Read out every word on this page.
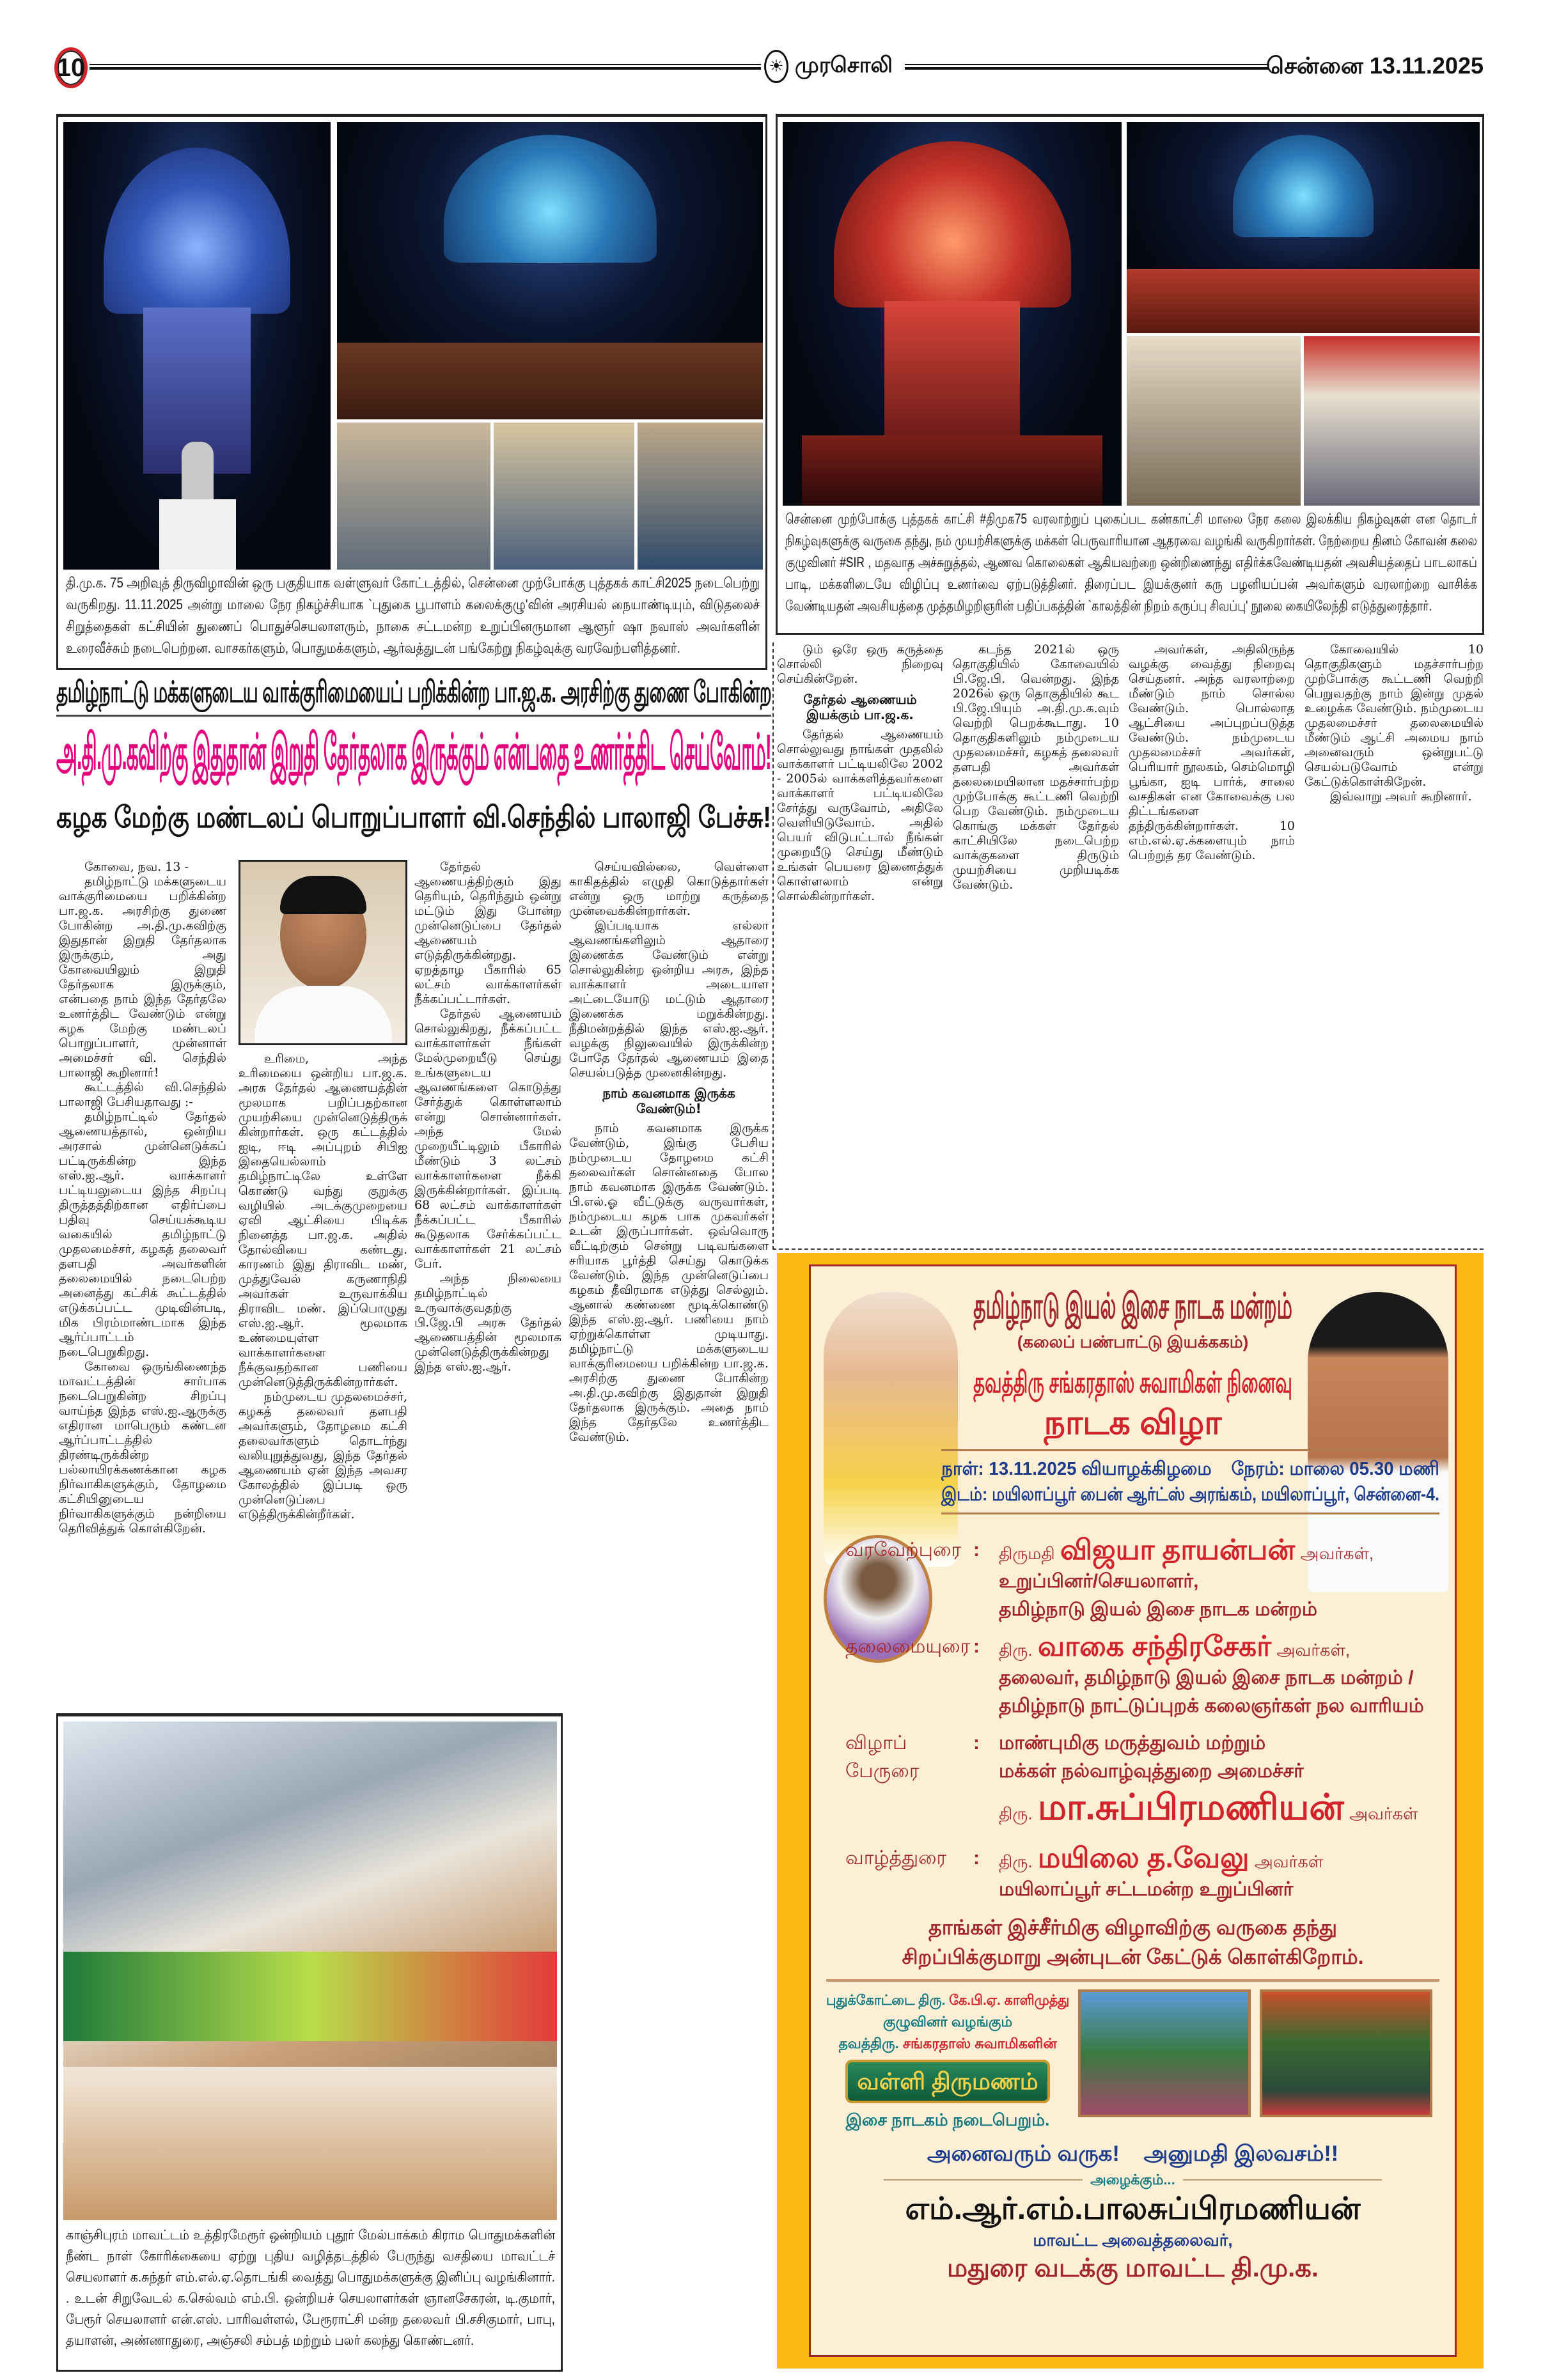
10	☀ முரசொலி	சென்னை 13.11.2025
தி.மு.க. 75 அறிவுத் திருவிழாவின் ஒரு பகுதியாக வள்ளுவர் கோட்டத்தில், சென்னை முற்போக்கு புத்தகக் காட்சி2025 நடைபெற்று வருகிறது. 11.11.2025 அன்று மாலை நேர நிகழ்ச்சியாக `புதுகை பூபாளம் கலைக்குழு'வின் அரசியல் நையாண்டியும், விடுதலைச் சிறுத்தைகள் கட்சியின் துணைப் பொதுச்செயலாளரும், நாகை சட்டமன்ற உறுப்பினருமான ஆளூர் ஷா நவாஸ் அவர்களின் உரைவீச்சும் நடைபெற்றன. வாசகர்களும், பொதுமக்களும், ஆர்வத்துடன் பங்கேற்று நிகழ்வுக்கு வரவேற்பளித்தனர்.
சென்னை முற்போக்கு புத்தகக் காட்சி #திமுக75 வரலாற்றுப் புகைப்பட கண்காட்சி மாலை நேர கலை இலக்கிய நிகழ்வுகள் என தொடர் நிகழ்வுகளுக்கு வருகை தந்து, நம் முயற்சிகளுக்கு மக்கள் பெருவாரியான ஆதரவை வழங்கி வருகிறார்கள். நேற்றைய தினம் கோவன் கலை குழுவினர் #SIR , மதவாத அச்சுறுத்தல், ஆணவ கொலைகள் ஆகியவற்றை ஒன்றிணைந்து எதிர்க்கவேண்டியதன் அவசியத்தைப் பாடலாகப் பாடி, மக்களிடையே விழிப்பு உணர்வை ஏற்படுத்தினர். திரைப்பட இயக்குனர் கரு பழனியப்பன் அவர்களும் வரலாற்றை வாசிக்க வேண்டியதன் அவசியத்தை முத்தமிழறிஞரின் பதிப்பகத்தின் `காலத்தின் நிறம் கருப்பு சிவப்பு' நூலை கையிலேந்தி எடுத்துரைத்தார்.
தமிழ்நாட்டு மக்களுடைய வாக்குரிமையைப் பறிக்கின்ற பா.ஜ.க. அரசிற்கு துணை போகின்ற
அ.தி.மு.கவிற்கு இதுதான் இறுதி தேர்தலாக இருக்கும் என்பதை உணர்த்திட செய்வோம்!
கழக மேற்கு மண்டலப் பொறுப்பாளர் வி.செந்தில் பாலாஜி பேச்சு!

கோவை, நவ. 13 -

தமிழ்நாட்டு மக்களுடைய வாக்குரிமையை பறிக்கின்ற பா.ஜ.க. அரசிற்கு துணை போகின்ற அ.தி.மு.கவிற்கு இதுதான் இறுதி தேர்தலாக இருக்கும், அது கோவையிலும் இறுதி தேர்தலாக இருக்கும், என்பதை நாம் இந்த தேர்தலே உணர்த்திட வேண்டும் என்று கழக மேற்கு மண்டலப் பொறுப்பாளர், முன்னாள் அமைச்சர் வி. செந்தில் பாலாஜி கூறினார்!

கூட்டத்தில் வி.செந்தில் பாலாஜி பேசியதாவது :-

தமிழ்நாட்டில் தேர்தல் ஆணையத்தால், ஒன்றிய அரசால் முன்னெடுக்கப் பட்டிருக்கின்ற இந்த எஸ்.ஐ.ஆர். வாக்காளர் பட்டியலுடைய இந்த சிறப்பு திருத்தத்திற்கான எதிர்ப்பை பதிவு செய்யக்கூடிய வகையில் தமிழ்நாட்டு முதலமைச்சர், கழகத் தலைவர் தளபதி அவர்களின் தலைமையில் நடைபெற்ற அனைத்து கட்சிக் கூட்டத்தில் எடுக்கப்பட்ட முடிவின்படி, மிக பிரம்மாண்டமாக இந்த ஆர்ப்பாட்டம் நடைபெறுகிறது.

கோவை ஒருங்கிணைந்த மாவட்டத்தின் சார்பாக நடைபெறுகின்ற சிறப்பு வாய்ந்த இந்த எஸ்.ஐ.ஆருக்கு எதிரான மாபெரும் கண்டன ஆர்ப்பாட்டத்தில் திரண்டிருக்கின்ற பல்லாயிரக்கணக்கான கழக நிர்வாகிகளுக்கும், தோழமை கட்சியினுடைய நிர்வாகிகளுக்கும் நன்றியை தெரிவித்துக் கொள்கிறேன்.

உரிமை, அந்த உரிமையை ஒன்றிய பா.ஜ.க. அரசு தேர்தல் ஆணையத்தின் மூலமாக பறிப்பதற்கான முயற்சியை முன்னெடுத்திருக் கின்றார்கள். ஒரு கட்டத்தில் ஐடி, ஈடி அப்புறம் சிபிஐ இதையெல்லாம் தமிழ்நாட்டிலே உள்ளே கொண்டு வந்து குறுக்கு வழியில் அடக்குமுறையை ஏவி ஆட்சியை பிடிக்க நினைத்த பா.ஜ.க. அதில் தோல்வியை கண்டது. காரணம் இது திராவிட மண், முத்துவேல் கருணாநிதி அவர்கள் உருவாக்கிய திராவிட மண். இப்பொழுது எஸ்.ஐ.ஆர். மூலமாக உண்மையுள்ள வாக்காளர்களை நீக்குவதற்கான பணியை முன்னெடுத்திருக்கின்றார்கள்.

நம்முடைய முதலமைச்சர், கழகத் தலைவர் தளபதி அவர்களும், தோழமை கட்சி தலைவர்களும் தொடர்ந்து வலியுறுத்துவது, இந்த தேர்தல் ஆணையம் ஏன் இந்த அவசர கோலத்தில் இப்படி ஒரு முன்னெடுப்பை எடுத்திருக்கின்றீர்கள்.

தேர்தல் ஆணையத்திற்கும் இது தெரியும், தெரிந்தும் ஒன்று மட்டும் இது போன்ற முன்னெடுப்பை தேர்தல் ஆணையம் எடுத்திருக்கின்றது. ஏறத்தாழ பீகாரில் 65 லட்சம் வாக்காளர்கள் நீக்கப்பட்டார்கள்.

தேர்தல் ஆணையம் சொல்லுகிறது, நீக்கப்பட்ட வாக்காளர்கள் நீங்கள் மேல்முறையீடு செய்து உங்களுடைய ஆவணங்களை கொடுத்து சேர்த்துக் கொள்ளலாம் என்று சொன்னார்கள். அந்த மேல் முறையீட்டிலும் பீகாரில் மீண்டும் 3 லட்சம் வாக்காளர்களை நீக்கி இருக்கின்றார்கள். இப்படி 68 லட்சம் வாக்காளர்கள் நீக்கப்பட்ட பீகாரில் கூடுதலாக சேர்க்கப்பட்ட வாக்காளர்கள் 21 லட்சம் பேர்.

அந்த நிலையை தமிழ்நாட்டில் உருவாக்குவதற்கு பி.ஜே.பி அரசு தேர்தல் ஆணையத்தின் மூலமாக முன்னெடுத்திருக்கின்றது இந்த எஸ்.ஐ.ஆர்.

செய்யவில்லை, வெள்ளை காகிதத்தில் எழுதி கொடுத்தார்கள் என்று ஒரு மாற்று கருத்தை முன்வைக்கின்றார்கள்.

இப்படியாக எல்லா ஆவணங்களிலும் ஆதாரை இணைக்க வேண்டும் என்று சொல்லுகின்ற ஒன்றிய அரசு, இந்த வாக்காளர் அடையாள அட்டையோடு மட்டும் ஆதாரை இணைக்க மறுக்கின்றது. நீதிமன்றத்தில் இந்த எஸ்.ஐ.ஆர். வழக்கு நிலுவையில் இருக்கின்ற போதே தேர்தல் ஆணையம் இதை செயல்படுத்த முனைகின்றது.

நாம் கவனமாக இருக்க வேண்டும்!

நாம் கவனமாக இருக்க வேண்டும், இங்கு பேசிய நம்முடைய தோழமை கட்சி தலைவர்கள் சொன்னதை போல நாம் கவனமாக இருக்க வேண்டும். பி.எல்.ஓ வீட்டுக்கு வருவார்கள், நம்முடைய கழக பாக முகவர்கள் உடன் இருப்பார்கள். ஒவ்வொரு வீட்டிற்கும் சென்று படிவங்களை சரியாக பூர்த்தி செய்து கொடுக்க வேண்டும். இந்த முன்னெடுப்பை கழகம் தீவிரமாக எடுத்து செல்லும். ஆனால் கண்ணை மூடிக்கொண்டு இந்த எஸ்.ஐ.ஆர். பணியை நாம் ஏற்றுக்கொள்ள முடியாது. தமிழ்நாட்டு மக்களுடைய வாக்குரிமையை பறிக்கின்ற பா.ஜ.க. அரசிற்கு துணை போகின்ற அ.தி.மு.கவிற்கு இதுதான் இறுதி தேர்தலாக இருக்கும். அதை நாம் இந்த தேர்தலே உணர்த்திட வேண்டும்.

டும் ஒரே ஒரு கருத்தை சொல்லி நிறைவு செய்கின்றேன்.

தேர்தல் ஆணையம் இயக்கும் பா.ஜ.க.

தேர்தல் ஆணையம் சொல்லுவது நாங்கள் முதலில் வாக்காளர் பட்டியலிலே 2002 - 2005ல் வாக்களித்தவர்களை வாக்காளர் பட்டியலிலே சேர்த்து வருவோம், அதிலே வெளியிடுவோம். அதில் பெயர் விடுபட்டால் நீங்கள் முறையீடு செய்து மீண்டும் உங்கள் பெயரை இணைத்துக் கொள்ளலாம் என்று சொல்கின்றார்கள்.

கடந்த 2021ல் ஒரு தொகுதியில் கோவையில் பி.ஜே.பி. வென்றது. இந்த 2026ல் ஒரு தொகுதியில் கூட பி.ஜே.பியும் அ.தி.மு.க.வும் வெற்றி பெறக்கூடாது. 10 தொகுதிகளிலும் நம்முடைய முதலமைச்சர், கழகத் தலைவர் தளபதி அவர்கள் தலைமையிலான மதச்சார்பற்ற முற்போக்கு கூட்டணி வெற்றி பெற வேண்டும். நம்முடைய கொங்கு மக்கள் தேர்தல் காட்சியிலே நடைபெற்ற வாக்குகளை திருடும் முயற்சியை முறியடிக்க வேண்டும்.

அவர்கள், அதிலிருந்த வழக்கு வைத்து நிறைவு செய்தனர். அந்த வரலாற்றை மீண்டும் நாம் சொல்ல வேண்டும். பொல்லாத ஆட்சியை அப்புறப்படுத்த வேண்டும். நம்முடைய முதலமைச்சர் அவர்கள், பெரியார் நூலகம், செம்மொழி பூங்கா, ஐடி பார்க், சாலை வசதிகள் என கோவைக்கு பல திட்டங்களை தந்திருக்கின்றார்கள். 10 எம்.எல்.ஏ.க்களையும் நாம் பெற்றுத் தர வேண்டும்.

கோவையில் 10 தொகுதிகளும் மதச்சார்பற்ற முற்போக்கு கூட்டணி வெற்றி பெறுவதற்கு நாம் இன்று முதல் உழைக்க வேண்டும். நம்முடைய முதலமைச்சர் தலைமையில் மீண்டும் ஆட்சி அமைய நாம் அனைவரும் ஒன்றுபட்டு செயல்படுவோம் என்று கேட்டுக்கொள்கிறேன்.

இவ்வாறு அவர் கூறினார்.

காஞ்சிபுரம் மாவட்டம் உத்திரமேரூர் ஒன்றியம் புதூர் மேல்பாக்கம் கிராம பொதுமக்களின் நீண்ட நாள் கோரிக்கையை ஏற்று புதிய வழித்தடத்தில் பேருந்து வசதியை மாவட்டச் செயலாளர் க.சுந்தர் எம்.எல்.ஏ.தொடங்கி வைத்து பொதுமக்களுக்கு இனிப்பு வழங்கினார். . உடன் சிறுவேடல் க.செல்வம் எம்.பி. ஒன்றியச் செயலாளர்கள் ஞானசேகரன், டி.குமார், பேரூர் செயலாளர் என்.எஸ். பாரிவள்ளல், பேரூராட்சி மன்ற தலைவர் பி.சசிகுமார், பாபு, தயாளன், அண்ணாதுரை, அஞ்சலி சம்பத் மற்றும் பலர் கலந்து கொண்டனர்.
தமிழ்நாடு இயல் இசை நாடக மன்றம்
(கலைப் பண்பாட்டு இயக்ககம்)
தவத்திரு சங்கரதாஸ் சுவாமிகள் நினைவு
நாடக விழா
நாள்: 13.11.2025 வியாழக்கிழமை    நேரம்: மாலை 05.30 மணி
இடம்: மயிலாப்பூர் பைன் ஆர்ட்ஸ் அரங்கம், மயிலாப்பூர், சென்னை-4.
வரவேற்புரை :	திருமதி விஜயா தாயன்பன் அவர்கள்,
உறுப்பினர்/செயலாளர்,
தமிழ்நாடு இயல் இசை நாடக மன்றம்
தலைமையுரை :	திரு. வாகை சந்திரசேகர் அவர்கள்,
தலைவர், தமிழ்நாடு இயல் இசை நாடக மன்றம் /
தமிழ்நாடு நாட்டுப்புறக் கலைஞர்கள் நல வாரியம்
விழாப் பேருரை
:	மாண்புமிகு மருத்துவம் மற்றும்
மக்கள் நல்வாழ்வுத்துறை அமைச்சர்
திரு. மா.சுப்பிரமணியன் அவர்கள்
வாழ்த்துரை	:	திரு. மயிலை த.வேலு அவர்கள்
மயிலாப்பூர் சட்டமன்ற உறுப்பினர்
தாங்கள் இச்சீர்மிகு விழாவிற்கு வருகை தந்து
சிறப்பிக்குமாறு அன்புடன் கேட்டுக் கொள்கிறோம்.
புதுக்கோட்டை திரு. கே.பி.ஏ. காளிமுத்து
குழுவினர் வழங்கும்
தவத்திரு. சங்கரதாஸ் சுவாமிகளின்
வள்ளி திருமணம்
இசை நாடகம் நடைபெறும்.
அனைவரும் வருக!    அனுமதி இலவசம்!!
அழைக்கும்...
எம்.ஆர்.எம்.பாலசுப்பிரமணியன்
மாவட்ட அவைத்தலைவர்,
மதுரை வடக்கு மாவட்ட தி.மு.க.
